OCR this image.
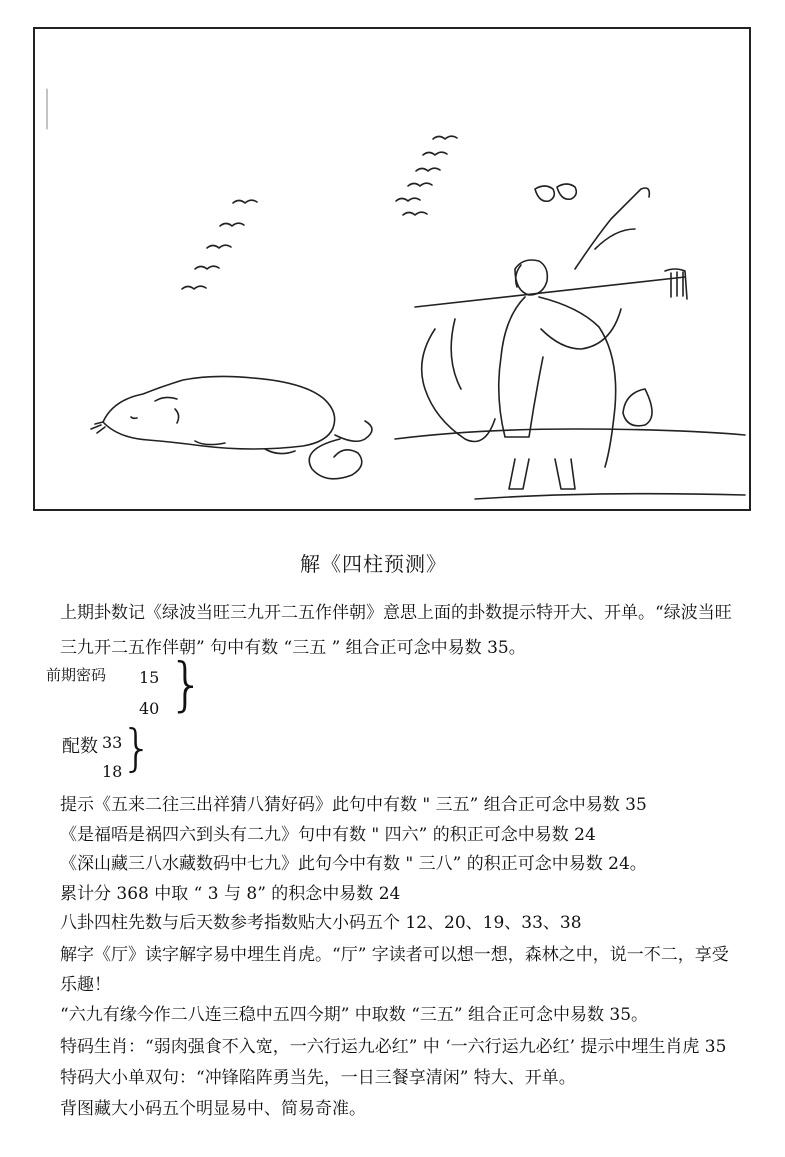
解《四柱预测》
上期卦数记《绿波当旺三九开二五作伴朝》意思上面的卦数提示特开大、开单。“绿波当旺
三九开二五作伴朝” 句中有数 “三五 ” 组合正可念中易数 35。
前期密码 15
40 }
配数 33
18
}
提示《五来二往三出祥猜八猜好码》此句中有数 " 三五” 组合正可念中易数 35
《是福唔是祸四六到头有二九》句中有数 " 四六” 的积正可念中易数 24
《深山藏三八水藏数码中七九》此句今中有数 " 三八” 的积正可念中易数 24。
累计分 368 中取 “ 3 与 8” 的积念中易数 24
八卦四柱先数与后天数参考指数贴大小码五个 12、20、19、33、38
解字《厅》读字解字易中埋生肖虎。“厅” 字读者可以想一想，森林之中，说一不二，享受
乐趣！
“六九有缘今作二八连三稳中五四今期” 中取数 “三五” 组合正可念中易数 35。
特码生肖：“弱肉强食不入宽，一六行运九必红” 中 ‘一六行运九必红’ 提示中埋生肖虎 35
特码大小单双句：“冲锋陷阵勇当先，一日三餐享清闲” 特大、开单。
背图藏大小码五个明显易中、简易奇准。
